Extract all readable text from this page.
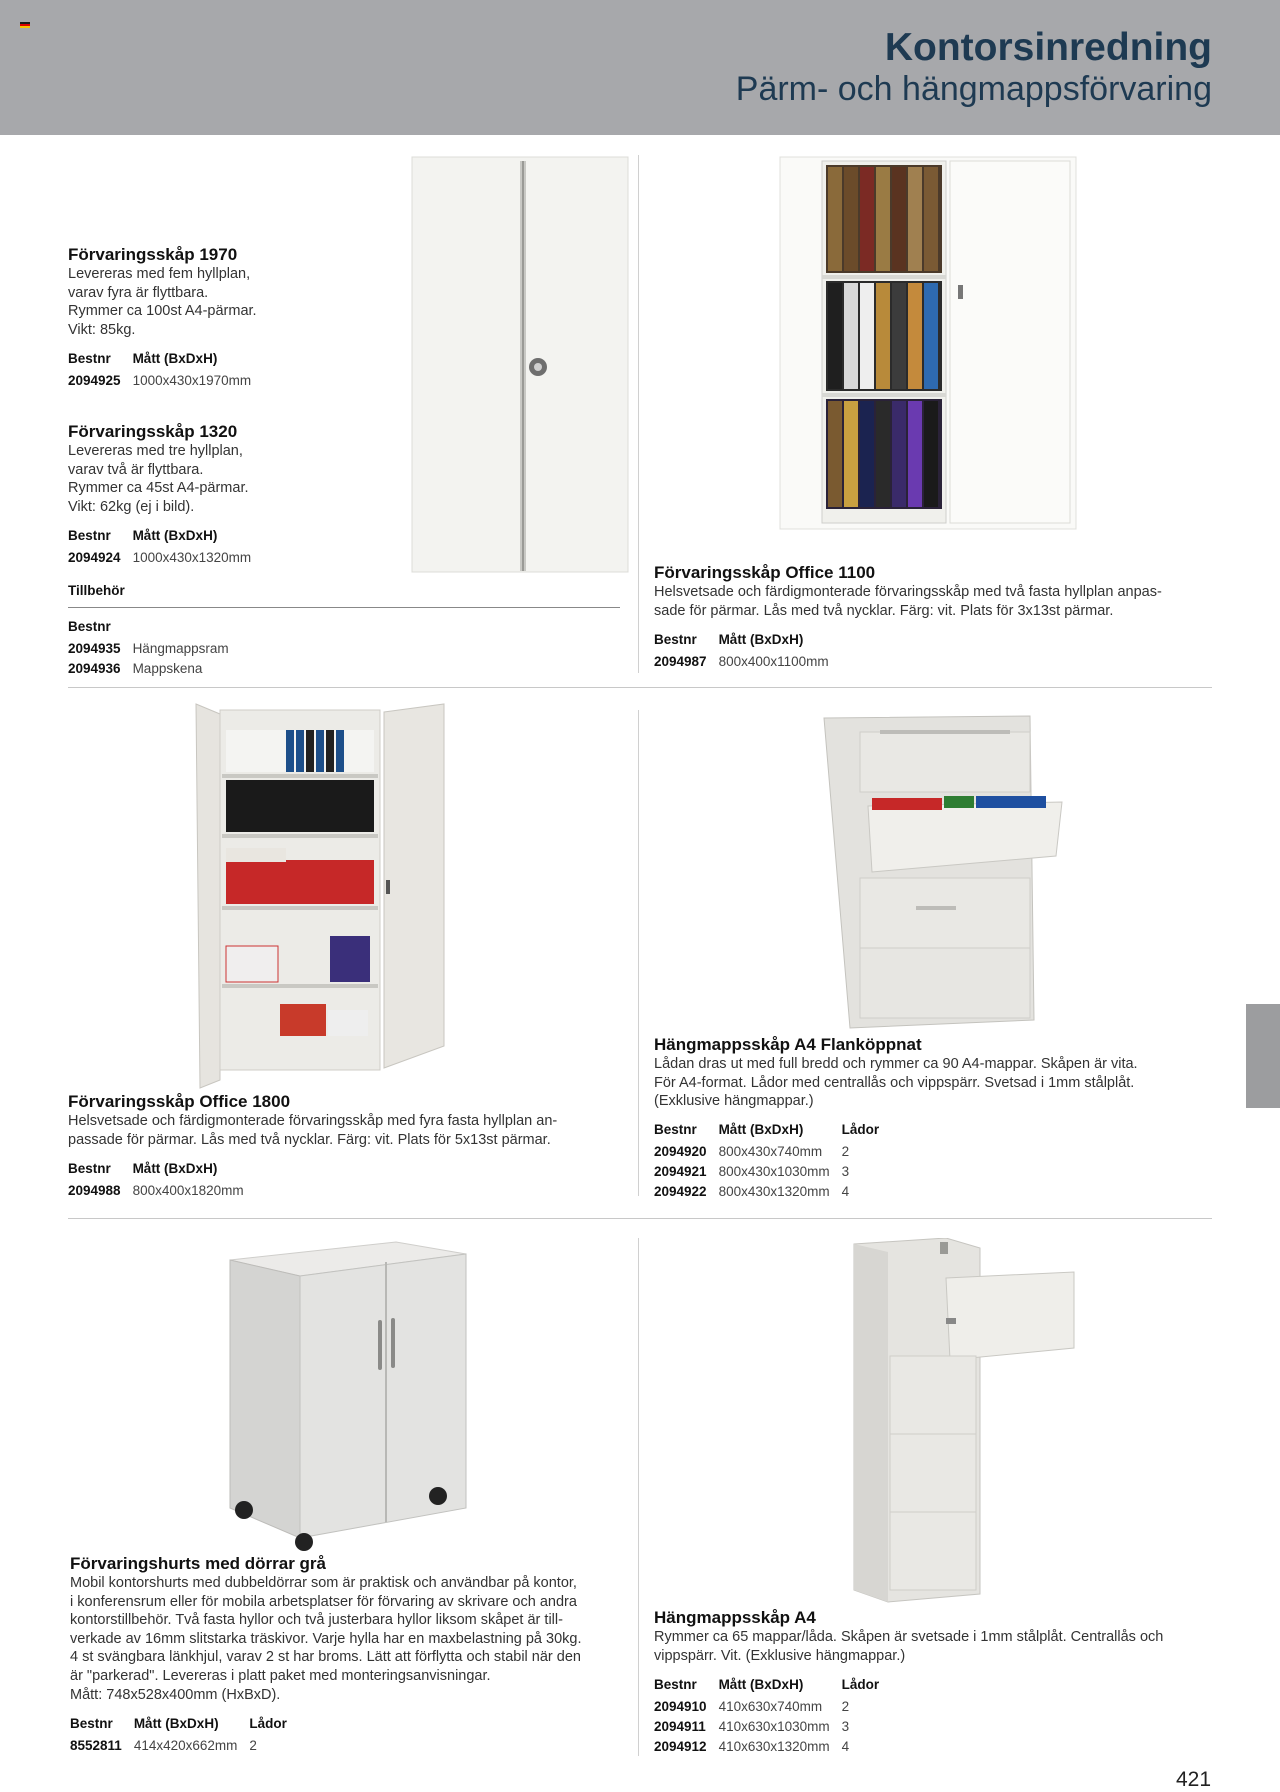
Kontorsinredning
Pärm- och hängmappsförvaring
Förvaringsskåp 1970
Levereras med fem hyllplan,
varav fyra är flyttbara.
Rymmer ca 100st A4-pärmar.
Vikt: 85kg.
Bestnr	Mått (BxDxH)
2094925	1000x430x1970mm
Förvaringsskåp 1320
Levereras med tre hyllplan,
varav två är flyttbara.
Rymmer ca 45st A4-pärmar.
Vikt: 62kg (ej i bild).
Bestnr	Mått (BxDxH)
2094924	1000x430x1320mm
Tillbehör
Bestnr	
2094935	Hängmappsram
2094936	Mappskena
Förvaringsskåp Office 1100
Helsvetsade och färdigmonterade förvaringsskåp med två fasta hyllplan anpas-
sade för pärmar. Lås med två nycklar. Färg: vit. Plats för 3x13st pärmar.
Bestnr	Mått (BxDxH)
2094987	800x400x1100mm
Förvaringsskåp Office 1800
Helsvetsade och färdigmonterade förvaringsskåp med fyra fasta hyllplan an-
passade för pärmar. Lås med två nycklar. Färg: vit. Plats för 5x13st pärmar.
Bestnr	Mått (BxDxH)
2094988	800x400x1820mm
Hängmappsskåp A4 Flanköppnat
Lådan dras ut med full bredd och rymmer ca 90 A4-mappar. Skåpen är vita.
För A4-format. Lådor med centrallås och vippspärr. Svetsad i 1mm stålplåt.
(Exklusive hängmappar.)
Bestnr	Mått (BxDxH)	Lådor
2094920	800x430x740mm	2
2094921	800x430x1030mm	3
2094922	800x430x1320mm	4
Förvaringshurts med dörrar grå
Mobil kontorshurts med dubbeldörrar som är praktisk och användbar på kontor,
i konferensrum eller för mobila arbetsplatser för förvaring av skrivare och andra
kontorstillbehör. Två fasta hyllor och två justerbara hyllor liksom skåpet är till-
verkade av 16mm slitstarka träskivor. Varje hylla har en maxbelastning på 30kg.
4 st svängbara länkhjul, varav 2 st har broms. Lätt att förflytta och stabil när den
är "parkerad". Levereras i platt paket med monteringsanvisningar.
Mått: 748x528x400mm (HxBxD).
Bestnr	Mått (BxDxH)	Lådor
8552811	414x420x662mm	2
Hängmappsskåp A4
Rymmer ca 65 mappar/låda. Skåpen är svetsade i 1mm stålplåt. Centrallås och
vippspärr. Vit. (Exklusive hängmappar.)
Bestnr	Mått (BxDxH)	Lådor
2094910	410x630x740mm	2
2094911	410x630x1030mm	3
2094912	410x630x1320mm	4
421
